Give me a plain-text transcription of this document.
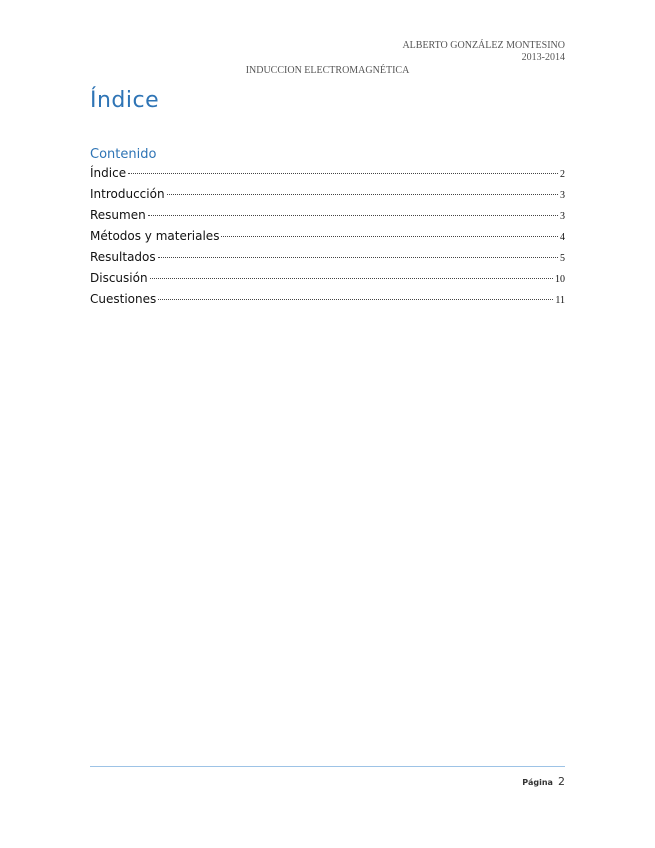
ALBERTO GONZÁLEZ MONTESINO
2013-2014
INDUCCION ELECTROMAGNÉTICA
Índice
Contenido
Índice	2
Introducción	3
Resumen	3
Métodos y materiales	4
Resultados	5
Discusión	10
Cuestiones	11
Página 2
